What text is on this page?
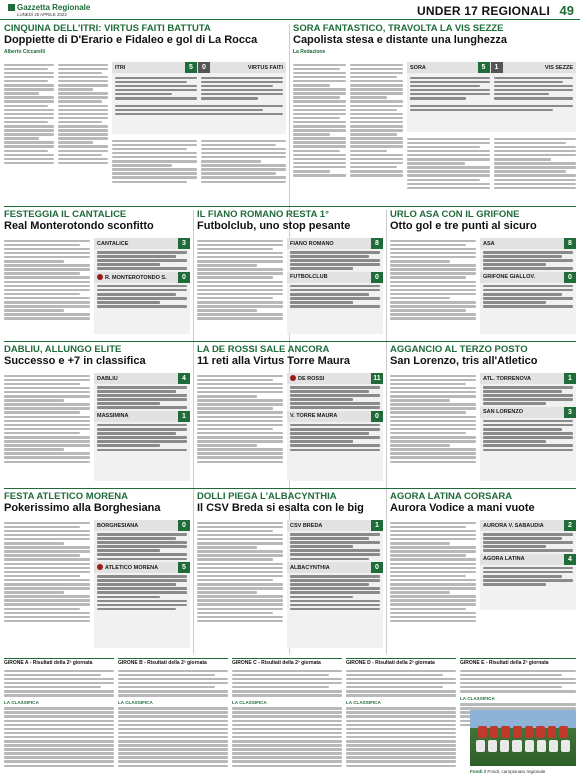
Gazzetta Regionale
LUNEDÌ 25 APRILE 2022	UNDER 17 REGIONALI 49
CINQUINA DELL'ITRI: VIRTUS FAITI BATTUTA
Doppiette di D'Erario e Fidaleo e gol di La Rocca
Alberto Ciccarelli
ITRI	5	0	VIRTUS FAITI
SORA FANTASTICO, TRAVOLTA LA VIS SEZZE
Capolista stesa e distante una lunghezza
La Redazione
SORA	5	1	VIS SEZZE
FESTEGGIA IL CANTALICE
Real Monterotondo sconfitto
CANTALICE	3
R. MONTEROTONDO S.	0
IL FIANO ROMANO RESTA 1°
Futbolclub, uno stop pesante
FIANO ROMANO	8
FUTBOLCLUB	0
URLO ASA CON IL GRIFONE
Otto gol e tre punti al sicuro
ASA	8
GRIFONE GIALLOV.	0
DABLIU, ALLUNGO ELITE
Successo e +7 in classifica
DABLIU	4
MASSIMINA	1
LA DE ROSSI SALE ANCORA
11 reti alla Virtus Torre Maura
DE ROSSI	11
V. TORRE MAURA	0
AGGANCIO AL TERZO POSTO
San Lorenzo, tris all'Atletico
ATL. TORRENOVA	1
SAN LORENZO	3
FESTA ATLETICO MORENA
Pokerissimo alla Borghesiana
BORGHESIANA	0
ATLETICO MORENA	5
DOLLI PIEGA L'ALBACYNTHIA
Il CSV Breda si esalta con le big
CSV BREDA	1
ALBACYNTHIA	0
AGORA LATINA CORSARA
Aurora Vodice a mani vuote
AURORA V. SABAUDIA	2
AGORA LATINA	4
GIRONE A - Risultati della 2ª giornata
LA CLASSIFICA
GIRONE B - Risultati della 2ª giornata
LA CLASSIFICA
GIRONE C - Risultati della 2ª giornata
LA CLASSIFICA
GIRONE D - Risultati della 2ª giornata
LA CLASSIFICA
GIRONE E - Risultati della 2ª giornata
LA CLASSIFICA
Fondi Il Fondi, campionato regionale
